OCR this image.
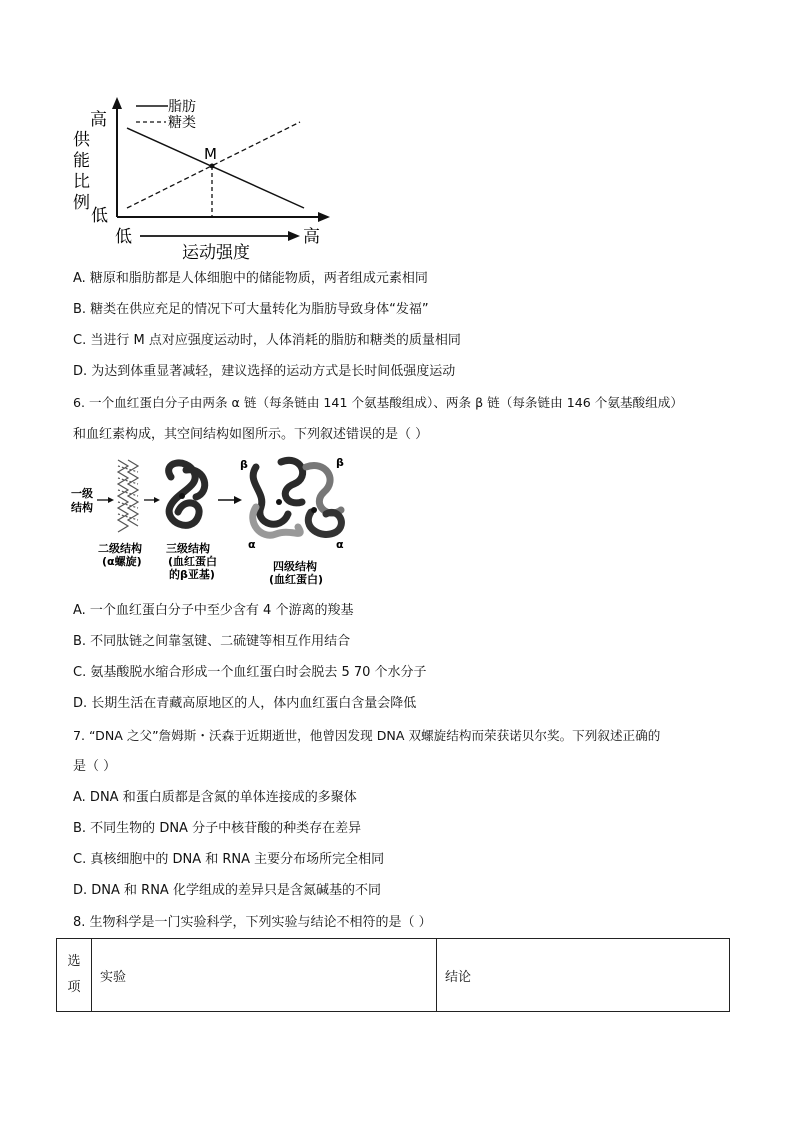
M
脂肪
糖类
高
供
能
比
例
低
低
运动强度
高
A. 糖原和脂肪都是人体细胞中的储能物质，两者组成元素相同
B. 糖类在供应充足的情况下可大量转化为脂肪导致身体“发福”
C. 当进行 M 点对应强度运动时，人体消耗的脂肪和糖类的质量相同
D. 为达到体重显著减轻，建议选择的运动方式是长时间低强度运动
6. 一个血红蛋白分子由两条 α 链（每条链由 141 个氨基酸组成）、两条 β 链（每条链由 146 个氨基酸组成）
和血红素构成，其空间结构如图所示。下列叙述错误的是（ ）
一级
结构
β	β
α	α
二级结构
(α螺旋)
三级结构
(血红蛋白
的β亚基)
四级结构
(血红蛋白)
A. 一个血红蛋白分子中至少含有 4 个游离的羧基
B. 不同肽链之间靠氢键、二硫键等相互作用结合
C. 氨基酸脱水缩合形成一个血红蛋白时会脱去 5 70 个水分子
D. 长期生活在青藏高原地区的人，体内血红蛋白含量会降低
7. “DNA 之父”詹姆斯・沃森于近期逝世，他曾因发现 DNA 双螺旋结构而荣获诺贝尔奖。下列叙述正确的
是（ ）
A. DNA 和蛋白质都是含氮的单体连接成的多聚体
B. 不同生物的 DNA 分子中核苷酸的种类存在差异
C. 真核细胞中的 DNA 和 RNA 主要分布场所完全相同
D. DNA 和 RNA 化学组成的差异只是含氮碱基的不同
8. 生物科学是一门实验科学，下列实验与结论不相符的是（ ）
选
项	实验	结论
